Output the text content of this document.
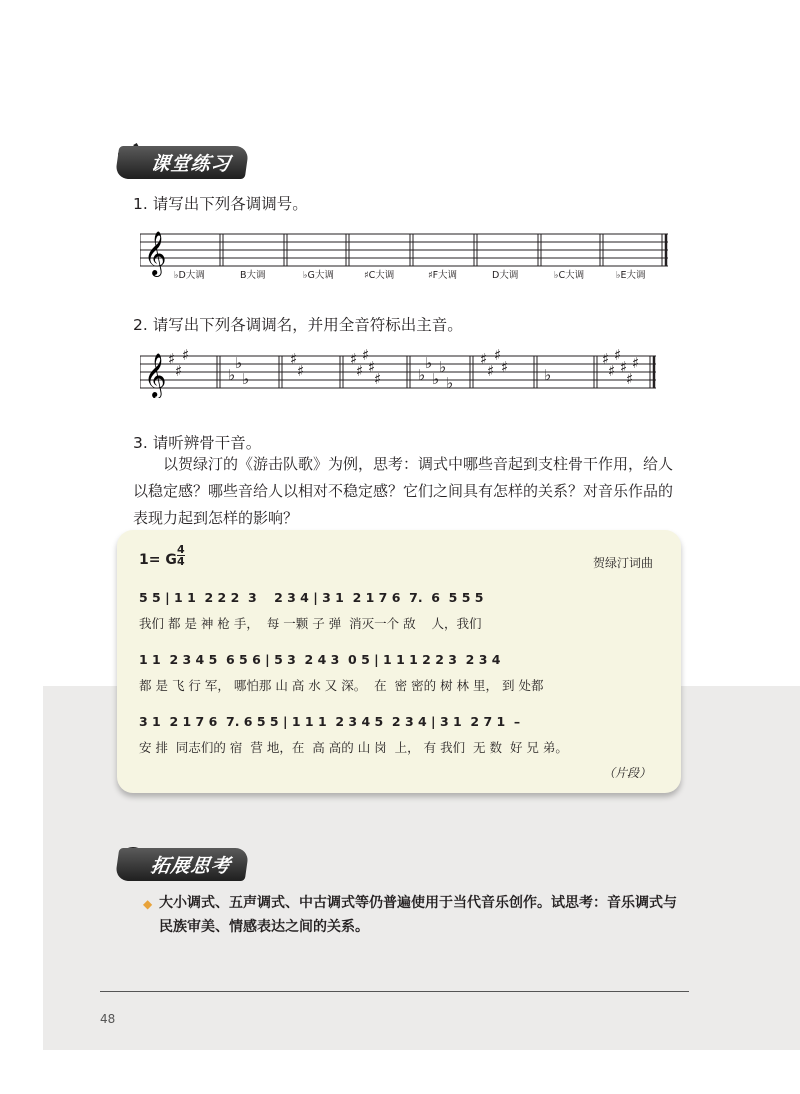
课堂练习
1. 请写出下列各调调号。
𝄞
♭D大调	B大调	♭G大调	♯C大调	♯F大调	D大调	♭C大调	♭E大调
2. 请写出下列各调调名，并用全音符标出主音。
𝄞 ♯
♯
♯
♭
♭
♭
♯
♯
♯
♯
♯
♯
♯ ♭
♭
♭
♭
♭
♯
♯
♯
♯ ♭
♯
♯
♯
♯
♯
♯
3. 请听辨骨干音。
以贺绿汀的《游击队歌》为例，思考：调式中哪些音起到支柱骨干作用，给人以稳定感？哪些音给人以相对不稳定感？它们之间具有怎样的关系？对音乐作品的表现力起到怎样的影响？
1= G
4
4	贺绿汀词曲
5 5 | 1 1  2 2 2  3    2 3 4 | 3 1  2 1 7 6  7.  6  5 5 5
我们 都 是 神 枪 手，  每 一颗 子 弹  消灭一个 敌    人，我们
1 1  2 3 4 5  6 5 6 | 5 3  2 4 3  0 5 | 1 1 1 2 2 3  2 3 4
都 是 飞 行 军， 哪怕那 山 高 水 又 深。  在  密 密的 树 林 里， 到 处都
3 1  2 1 7 6  7. 6 5 5 | 1 1 1  2 3 4 5  2 3 4 | 3 1  2 7 1  –
安 排  同志们的 宿  营 地，在  高 高的 山 岗  上， 有 我们  无 数  好 兄 弟。
（片段）
拓展思考
◆ 大小调式、五声调式、中古调式等仍普遍使用于当代音乐创作。试思考：音乐调式与民族审美、情感表达之间的关系。
48
